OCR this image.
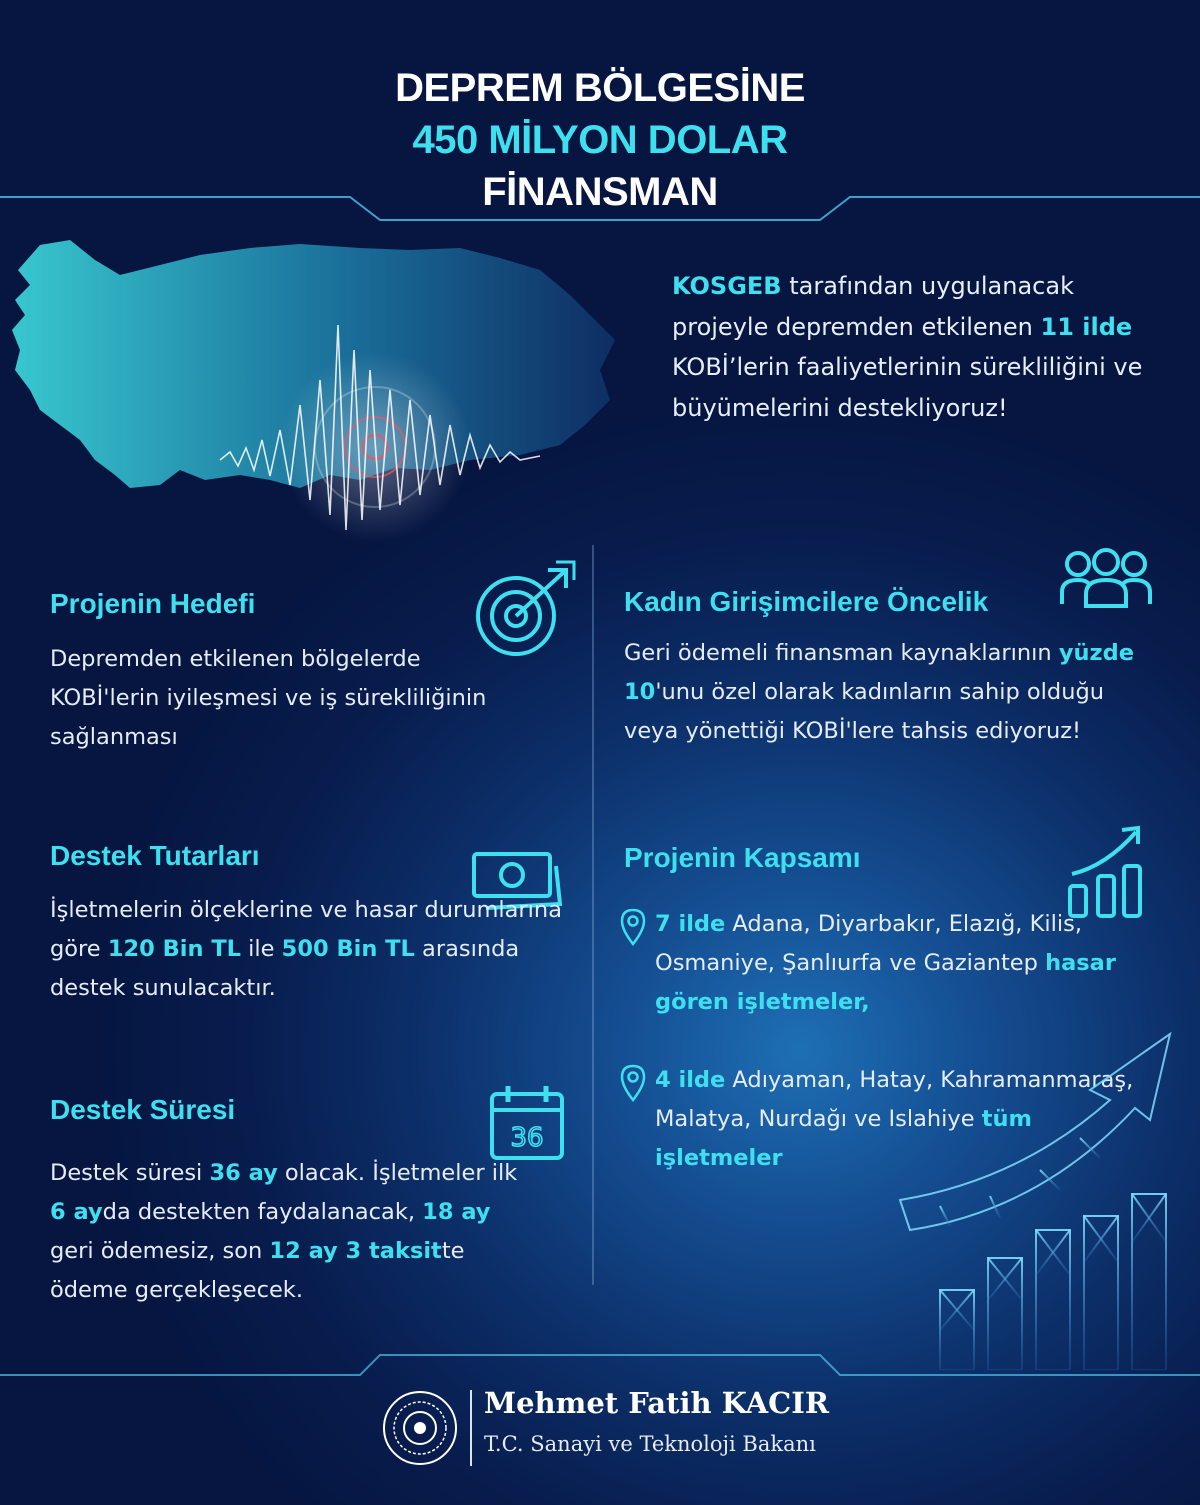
DEPREM BÖLGESİNE
450 MİLYON DOLAR
FİNANSMAN
KOSGEB tarafından uygulanacak projeyle depremden etkilenen 11 ilde KOBİ’lerin faaliyetlerinin sürekliliğini ve büyümelerini destekliyoruz!
Projenin Hedefi
Depremden etkilenen bölgelerde KOBİ'lerin iyileşmesi ve iş sürekliliğinin sağlanması
Destek Tutarları
İşletmelerin ölçeklerine ve hasar durumlarına göre 120 Bin TL ile 500 Bin TL arasında destek sunulacaktır.
Destek Süresi
36
Destek süresi 36 ay olacak. İşletmeler ilk 6 ayda destekten faydalanacak, 18 ay geri ödemesiz, son 12 ay 3 taksitte ödeme gerçekleşecek.
Kadın Girişimcilere Öncelik
Geri ödemeli finansman kaynaklarının yüzde 10'unu özel olarak kadınların sahip olduğu veya yönettiği KOBİ'lere tahsis ediyoruz!
Projenin Kapsamı
7 ilde Adana, Diyarbakır, Elazığ, Kilis, Osmaniye, Şanlıurfa ve Gaziantep hasar gören işletmeler,
4 ilde Adıyaman, Hatay, Kahramanmaraş, Malatya, Nurdağı ve Islahiye tüm işletmeler
Mehmet Fatih KACIR
T.C. Sanayi ve Teknoloji Bakanı
